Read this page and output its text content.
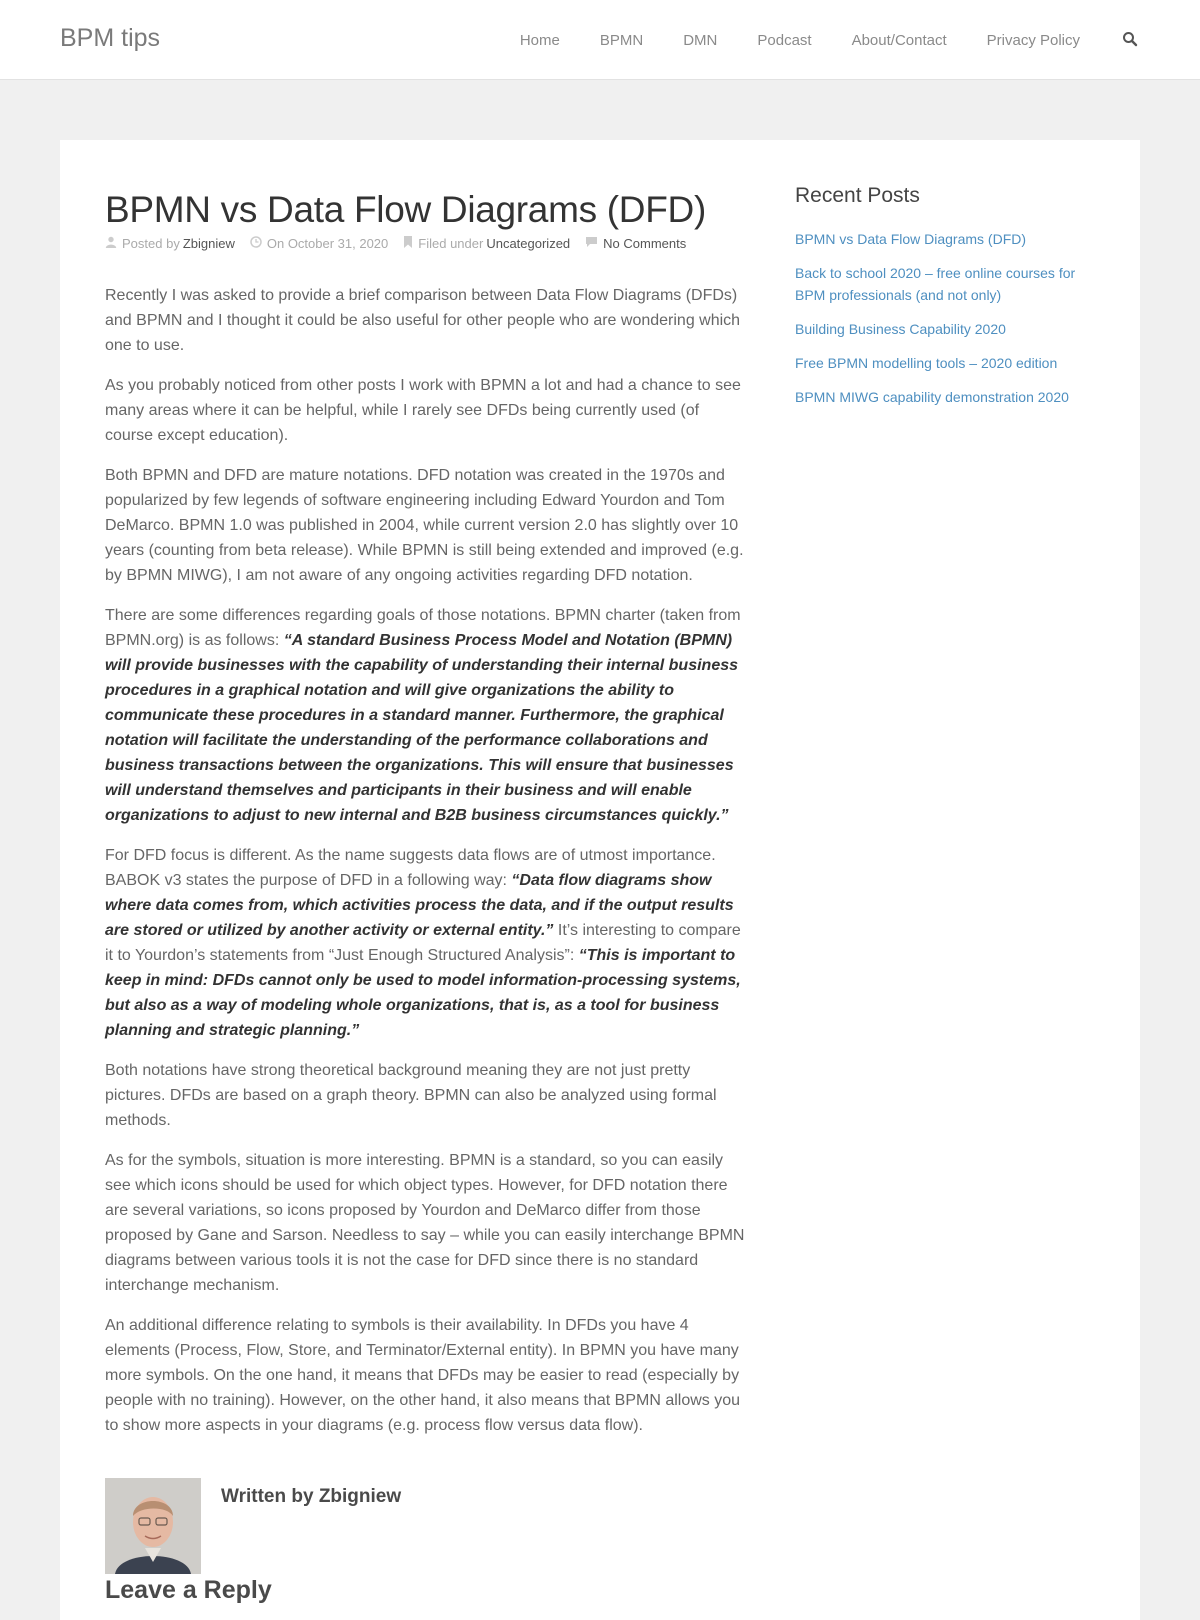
BPM tips	Home	BPMN	DMN	Podcast	About/Contact	Privacy Policy
BPMN vs Data Flow Diagrams (DFD)
Posted by Zbigniew On October 31, 2020 Filed under Uncategorized	No Comments

Recently I was asked to provide a brief comparison between Data Flow Diagrams (DFDs) and BPMN and I thought it could be also useful for other people who are wondering which one to use.

As you probably noticed from other posts I work with BPMN a lot and had a chance to see many areas where it can be helpful, while I rarely see DFDs being currently used (of course except education).

Both BPMN and DFD are mature notations. DFD notation was created in the 1970s and popularized by few legends of software engineering including Edward Yourdon and Tom DeMarco. BPMN 1.0 was published in 2004, while current version 2.0 has slightly over 10 years (counting from beta release). While BPMN is still being extended and improved (e.g. by BPMN MIWG), I am not aware of any ongoing activities regarding DFD notation.

There are some differences regarding goals of those notations. BPMN charter (taken from BPMN.org) is as follows: “A standard Business Process Model and Notation (BPMN) will provide businesses with the capability of understanding their internal business procedures in a graphical notation and will give organizations the ability to communicate these procedures in a standard manner. Furthermore, the graphical notation will facilitate the understanding of the performance collaborations and business transactions between the organizations. This will ensure that businesses will understand themselves and participants in their business and will enable organizations to adjust to new internal and B2B business circumstances quickly.”

For DFD focus is different. As the name suggests data flows are of utmost importance. BABOK v3 states the purpose of DFD in a following way: “Data flow diagrams show where data comes from, which activities process the data, and if the output results are stored or utilized by another activity or external entity.” It’s interesting to compare it to Yourdon’s statements from “Just Enough Structured Analysis”: “This is important to keep in mind: DFDs cannot only be used to model information-processing systems, but also as a way of modeling whole organizations, that is, as a tool for business planning and strategic planning.”

Both notations have strong theoretical background meaning they are not just pretty pictures. DFDs are based on a graph theory. BPMN can also be analyzed using formal methods.

As for the symbols, situation is more interesting. BPMN is a standard, so you can easily see which icons should be used for which object types. However, for DFD notation there are several variations, so icons proposed by Yourdon and DeMarco differ from those proposed by Gane and Sarson. Needless to say – while you can easily interchange BPMN diagrams between various tools it is not the case for DFD since there is no standard interchange mechanism.

An additional difference relating to symbols is their availability. In DFDs you have 4 elements (Process, Flow, Store, and Terminator/External entity). In BPMN you have many more symbols. On the one hand, it means that DFDs may be easier to read (especially by people with no training). However, on the other hand, it also means that BPMN allows you to show more aspects in your diagrams (e.g. process flow versus data flow).

Written by Zbigniew
Leave a Reply
Recent Posts
BPMN vs Data Flow Diagrams (DFD)
Back to school 2020 – free online courses for BPM professionals (and not only)
Building Business Capability 2020
Free BPMN modelling tools – 2020 edition
BPMN MIWG capability demonstration 2020
